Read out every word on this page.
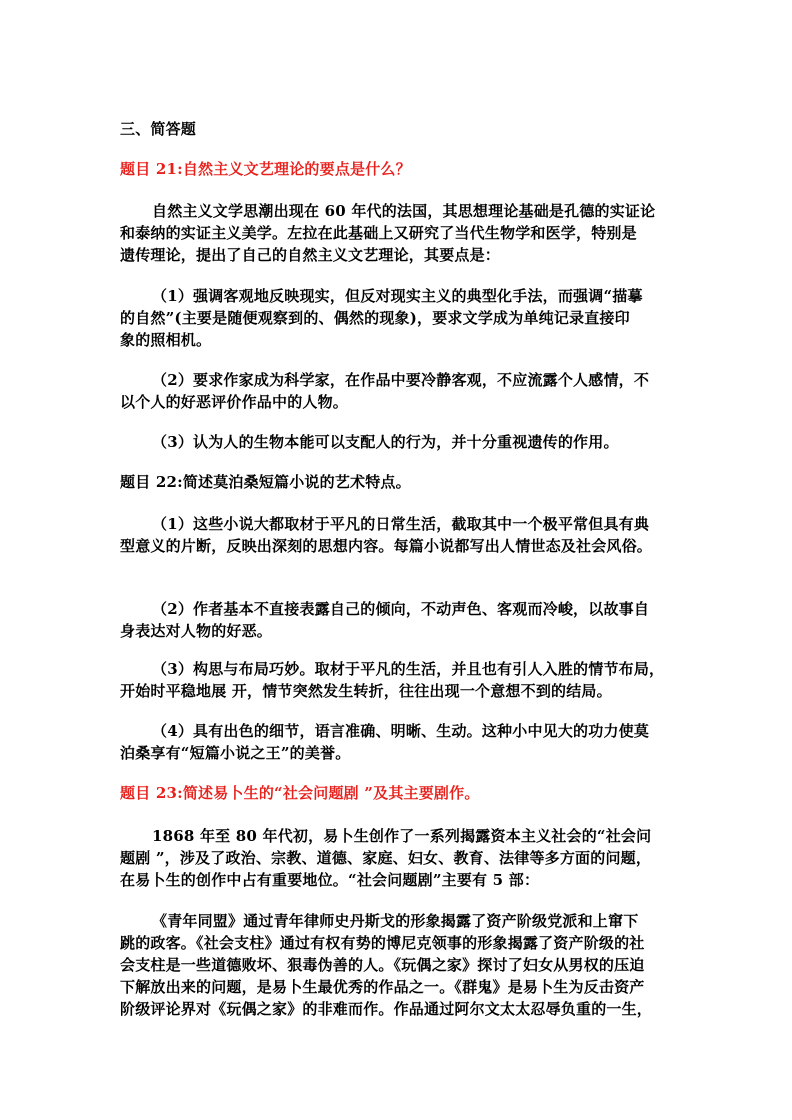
三、简答题
题目 21:自然主义文艺理论的要点是什么？
自然主义文学思潮出现在 60 年代的法国，其思想理论基础是孔德的实证论
和泰纳的实证主义美学。左拉在此基础上又研究了当代生物学和医学，特别是
遗传理论，提出了自己的自然主义文艺理论，其要点是：
（1）强调客观地反映现实，但反对现实主义的典型化手法，而强调“描摹
的自然”(主要是随便观察到的、偶然的现象)，要求文学成为单纯记录直接印
象的照相机。
（2）要求作家成为科学家，在作品中要冷静客观，不应流露个人感情，不
以个人的好恶评价作品中的人物。
（3）认为人的生物本能可以支配人的行为，并十分重视遗传的作用。
题目 22:简述莫泊桑短篇小说的艺术特点。
（1）这些小说大都取材于平凡的日常生活，截取其中一个极平常但具有典
型意义的片断，反映出深刻的思想内容。每篇小说都写出人情世态及社会风俗。
（2）作者基本不直接表露自己的倾向，不动声色、客观而冷峻，以故事自
身表达对人物的好恶。
（3）构思与布局巧妙。取材于平凡的生活，并且也有引人入胜的情节布局，
开始时平稳地展 开，情节突然发生转折，往往出现一个意想不到的结局。
（4）具有出色的细节，语言准确、明晰、生动。这种小中见大的功力使莫
泊桑享有“短篇小说之王”的美誉。
题目 23:简述易卜生的“社会问题剧 ”及其主要剧作。
1868 年至 80 年代初，易卜生创作了一系列揭露资本主义社会的“社会问
题剧 ”，涉及了政治、宗教、道德、家庭、妇女、教育、法律等多方面的问题，
在易卜生的创作中占有重要地位。“社会问题剧”主要有 5 部：
《青年同盟》通过青年律师史丹斯戈的形象揭露了资产阶级党派和上窜下
跳的政客。《社会支柱》通过有权有势的博尼克领事的形象揭露了资产阶级的社
会支柱是一些道德败坏、狠毒伪善的人。《玩偶之家》探讨了妇女从男权的压迫
下解放出来的问题，是易卜生最优秀的作品之一。《群鬼》是易卜生为反击资产
阶级评论界对《玩偶之家》的非难而作。作品通过阿尔文太太忍辱负重的一生，
